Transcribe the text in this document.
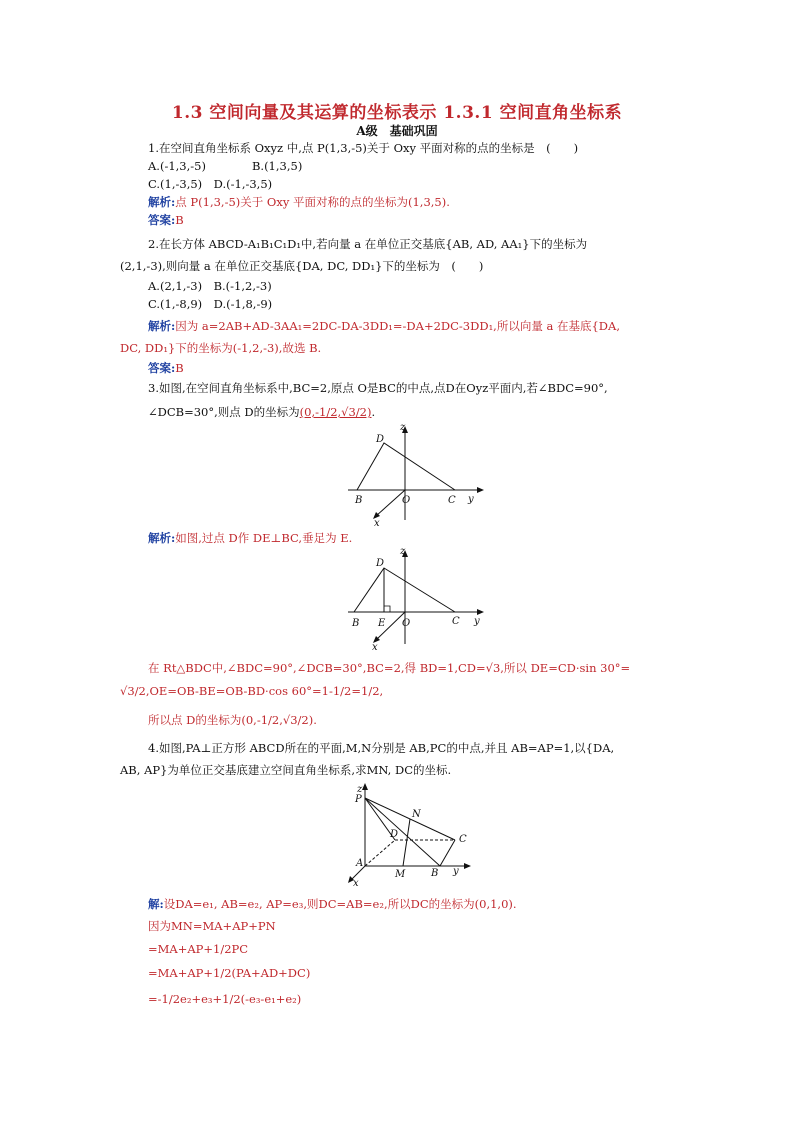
1.3 空间向量及其运算的坐标表示 1.3.1 空间直角坐标系
A级　基础巩固
1.在空间直角坐标系 Oxyz 中,点 P(1,3,-5)关于 Oxy 平面对称的点的坐标是　(　　)
A.(-1,3,-5)　　　　B.(1,3,5)
C.(1,-3,5)　D.(-1,-3,5)
解析:点 P(1,3,-5)关于 Oxy 平面对称的点的坐标为(1,3,5).
答案:B
2.在长方体 ABCD-A₁B₁C₁D₁中,若向量 a 在单位正交基底{AB, AD, AA₁}下的坐标为
(2,1,-3),则向量 a 在单位正交基底{DA, DC, DD₁}下的坐标为　(　　)
A.(2,1,-3)　B.(-1,2,-3)
C.(1,-8,9)　D.(-1,8,-9)
解析:因为 a=2AB+AD-3AA₁=2DC-DA-3DD₁=-DA+2DC-3DD₁,所以向量 a 在基底{DA,
DC, DD₁}下的坐标为(-1,2,-3),故选 B.
答案:B
3.如图,在空间直角坐标系中,BC=2,原点 O是BC的中点,点D在Oyz平面内,若∠BDC=90°,
∠DCB=30°,则点 D的坐标为(0,-1/2,√3/2).
z
D
B	O	C y
x
解析:如图,过点 D作 DE⊥BC,垂足为 E.
z
D
B E O	C y
x
在 Rt△BDC中,∠BDC=90°,∠DCB=30°,BC=2,得 BD=1,CD=√3,所以 DE=CD·sin 30°=
√3/2,OE=OB-BE=OB-BD·cos 60°=1-1/2=1/2,
所以点 D的坐标为(0,-1/2,√3/2).
4.如图,PA⊥正方形 ABCD所在的平面,M,N分别是 AB,PC的中点,并且 AB=AP=1,以{DA,
AB, AP}为单位正交基底建立空间直角坐标系,求MN, DC的坐标.
z
P
N
D	C
A
M	B y
x
解:设DA=e₁, AB=e₂, AP=e₃,则DC=AB=e₂,所以DC的坐标为(0,1,0).
因为MN=MA+AP+PN
=MA+AP+1/2PC
=MA+AP+1/2(PA+AD+DC)
=-1/2e₂+e₃+1/2(-e₃-e₁+e₂)
